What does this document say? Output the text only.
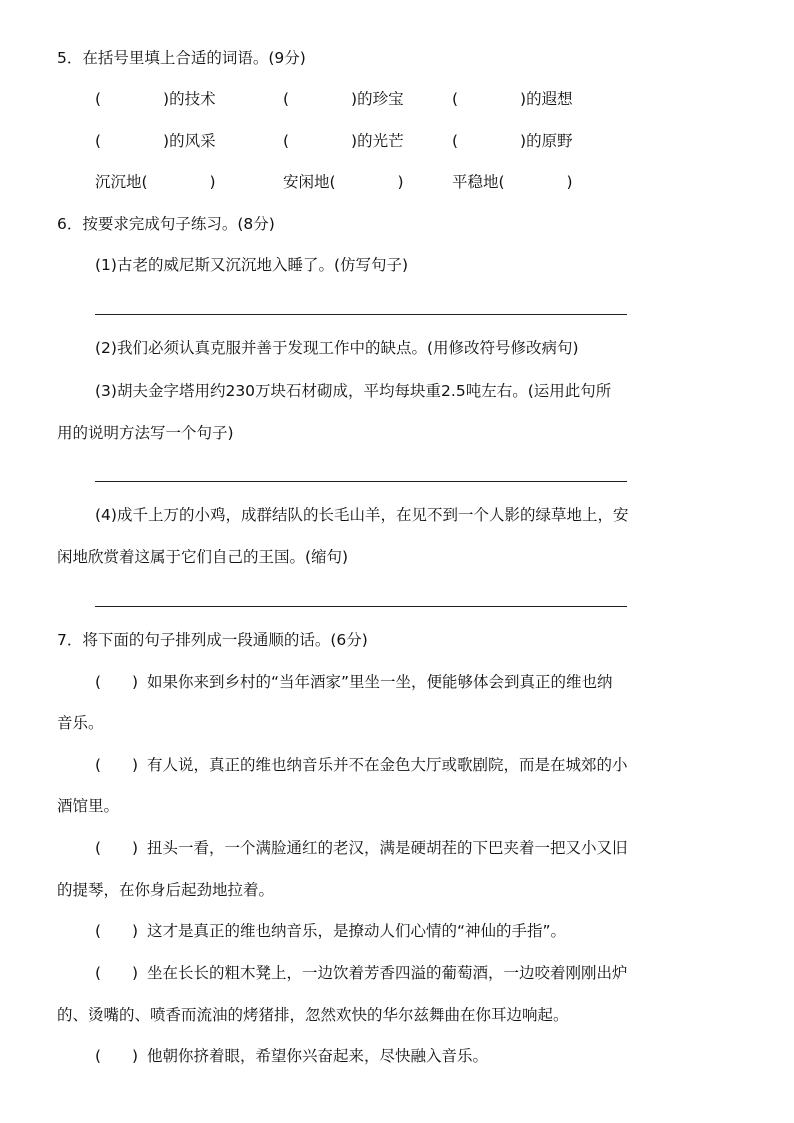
5．在括号里填上合适的词语。(9分)
(　　　　)的技术	(　　　　)的珍宝	(　　　　)的遐想
(　　　　)的风采	(　　　　)的光芒	(　　　　)的原野
沉沉地(　　　　)	安闲地(　　　　)	平稳地(　　　　)
6．按要求完成句子练习。(8分)
(1)古老的威尼斯又沉沉地入睡了。(仿写句子)
(2)我们必须认真克服并善于发现工作中的缺点。(用修改符号修改病句)
(3)胡夫金字塔用约230万块石材砌成，平均每块重2.5吨左右。(运用此句所
用的说明方法写一个句子)
(4)成千上万的小鸡，成群结队的长毛山羊，在见不到一个人影的绿草地上，安
闲地欣赏着这属于它们自己的王国。(缩句)
7．将下面的句子排列成一段通顺的话。(6分)
(　　) 如果你来到乡村的“当年酒家”里坐一坐，便能够体会到真正的维也纳
音乐。
(　　) 有人说，真正的维也纳音乐并不在金色大厅或歌剧院，而是在城郊的小
酒馆里。
(　　) 扭头一看，一个满脸通红的老汉，满是硬胡茬的下巴夹着一把又小又旧
的提琴，在你身后起劲地拉着。
(　　) 这才是真正的维也纳音乐，是撩动人们心情的“神仙的手指”。
(　　) 坐在长长的粗木凳上，一边饮着芳香四溢的葡萄酒，一边咬着刚刚出炉
的、烫嘴的、喷香而流油的烤猪排，忽然欢快的华尔兹舞曲在你耳边响起。
(　　) 他朝你挤着眼，希望你兴奋起来，尽快融入音乐。
